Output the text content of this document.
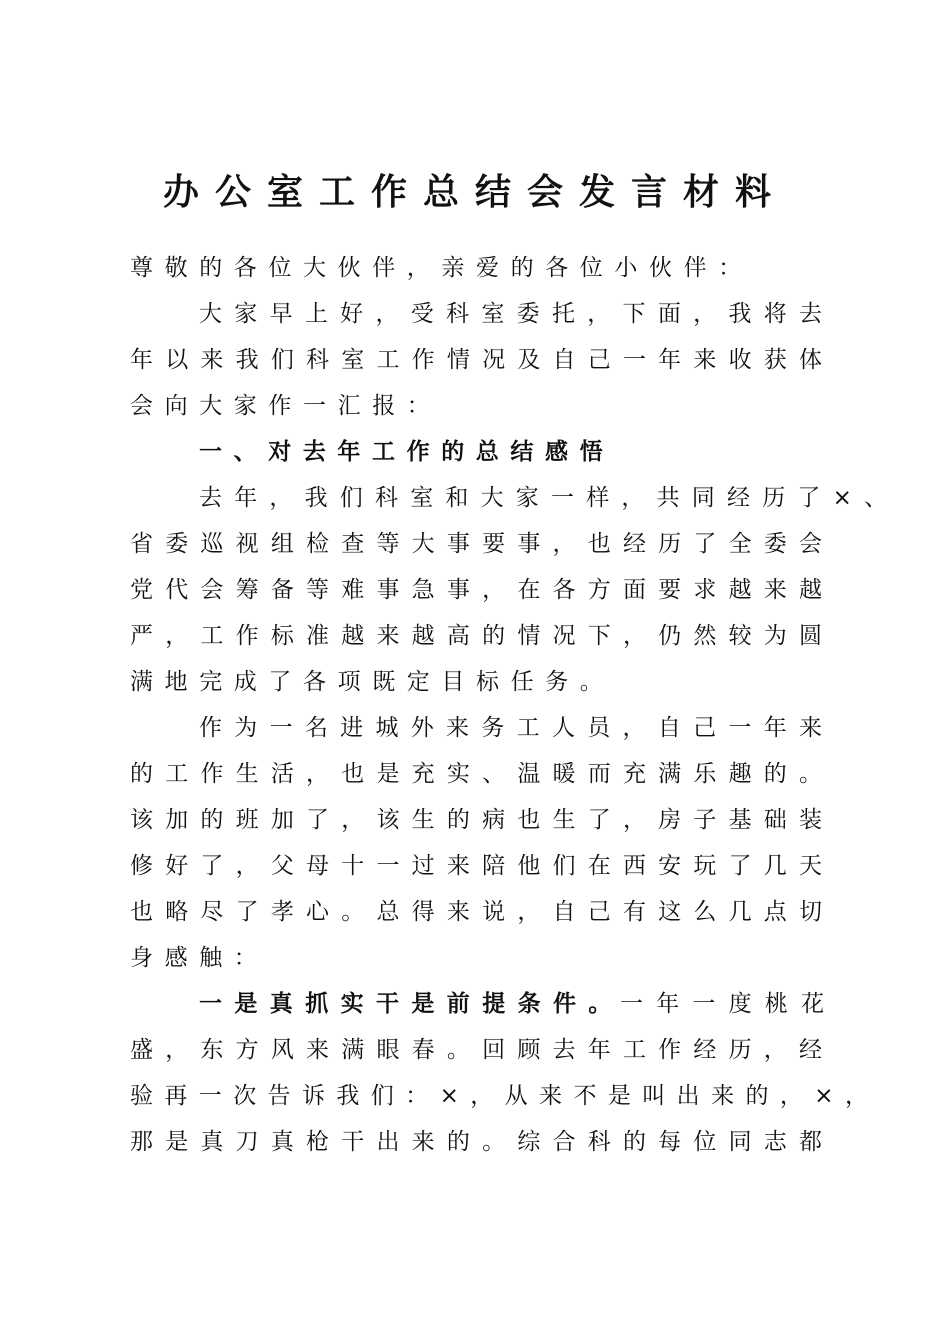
办公室工作总结会发言材料
尊敬的各位大伙伴，亲爱的各位小伙伴：
大家早上好，受科室委托，下面，我将去
年以来我们科室工作情况及自己一年来收获体
会向大家作一汇报：
一、对去年工作的总结感悟
去年，我们科室和大家一样，共同经历了×、
省委巡视组检查等大事要事，也经历了全委会
党代会筹备等难事急事，在各方面要求越来越
严，工作标准越来越高的情况下，仍然较为圆
满地完成了各项既定目标任务。
作为一名进城外来务工人员，自己一年来
的工作生活，也是充实、温暖而充满乐趣的。
该加的班加了，该生的病也生了，房子基础装
修好了，父母十一过来陪他们在西安玩了几天
也略尽了孝心。总得来说，自己有这么几点切
身感触：
一是真抓实干是前提条件。
一年一度桃花
盛，东方风来满眼春。回顾去年工作经历，经
验再一次告诉我们：×，从来不是叫出来的，×，
那是真刀真枪干出来的。综合科的每位同志都
